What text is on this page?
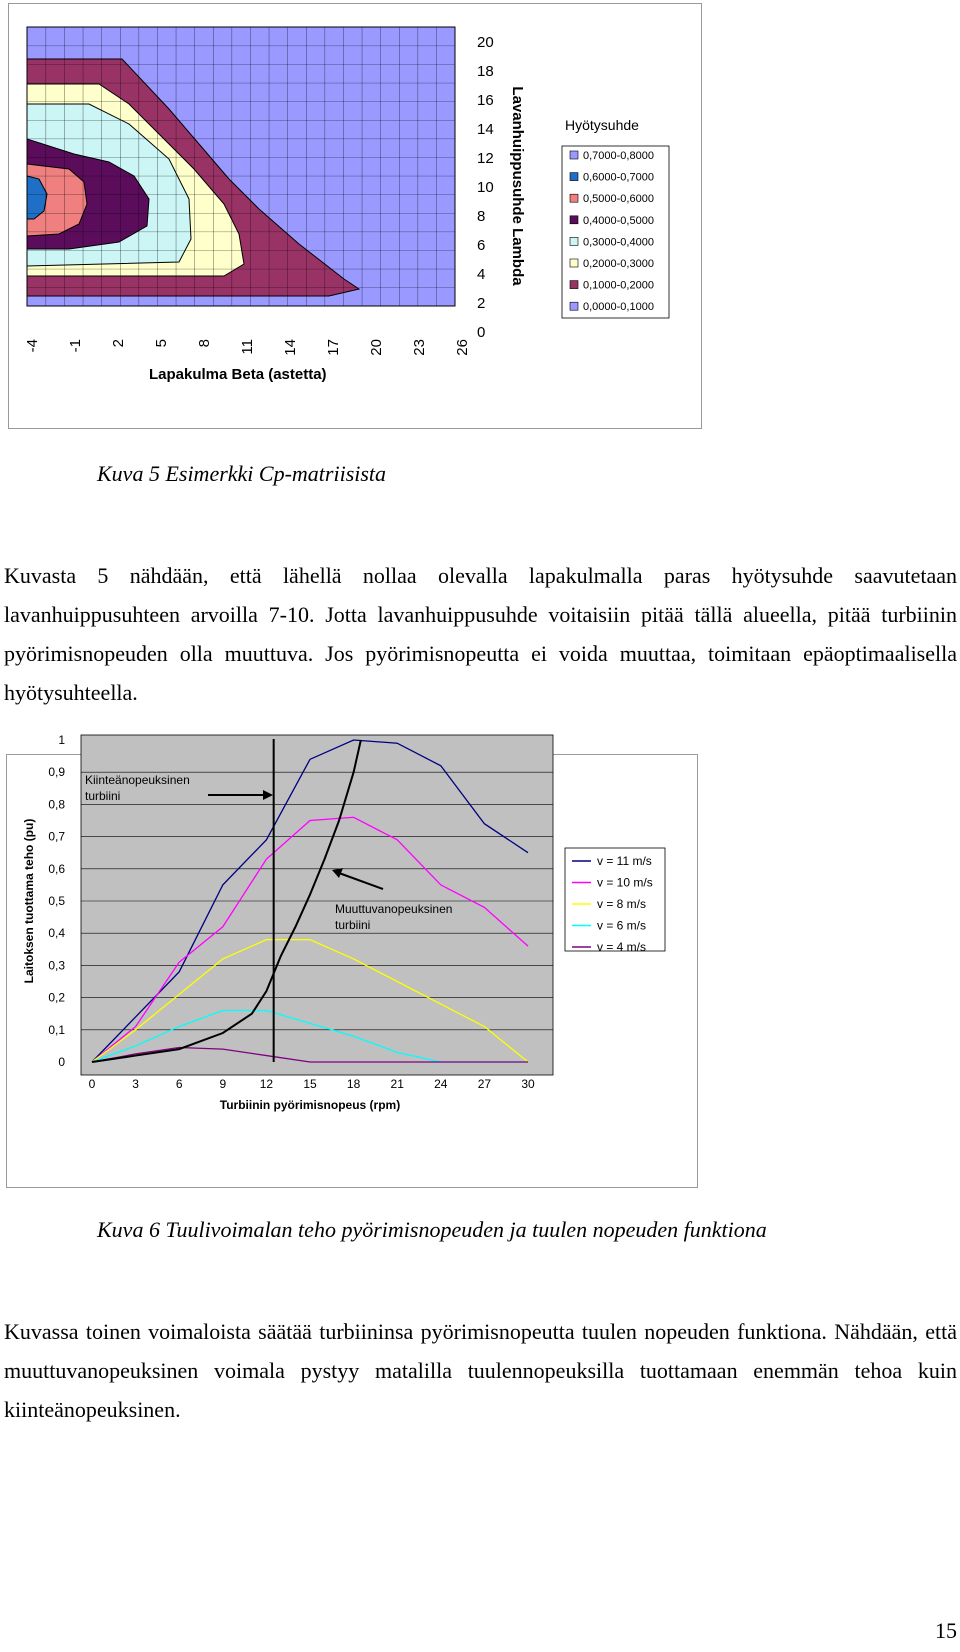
20
18
16
14
12
10
8
6
4
2
0
-4 -1 2 5 8 11 14 17 20 23 26
Lavanhuippusuhde Lambda
Lapakulma Beta (astetta)
Hyötysuhde
0,7000-0,8000
0,6000-0,7000
0,5000-0,6000
0,4000-0,5000
0,3000-0,4000
0,2000-0,3000
0,1000-0,2000
0,0000-0,1000
Kuva 5 Esimerkki Cp-matriisista
Kuvasta 5 nähdään, että lähellä nollaa olevalla lapakulmalla paras hyötysuhde saavutetaan lavanhuippusuhteen arvoilla 7-10. Jotta lavanhuippusuhde voitaisiin pitää tällä alueella, pitää turbiinin pyörimisnopeuden olla muuttuva. Jos pyörimisnopeutta ei voida muuttaa, toimitaan epäoptimaalisella hyötysuhteella.
1
0,9
0,8
0,7
0,6
0,5
0,4
0,3
0,2
0,1
0
0	3	6	9	12	15	18	21	24	27	30
Kiinteänopeuksinen turbiini
Muuttuvanopeuksinen turbiini
Laitoksen tuottama teho (pu)
Turbiinin pyörimisnopeus (rpm)
v = 11 m/s
v = 10 m/s
v = 8 m/s
v = 6 m/s
v = 4 m/s
Kuva 6 Tuulivoimalan teho pyörimisnopeuden ja tuulen nopeuden funktiona
Kuvassa toinen voimaloista säätää turbiininsa pyörimisnopeutta tuulen nopeuden funktiona. Nähdään, että muuttuvanopeuksinen voimala pystyy matalilla tuulennopeuksilla tuottamaan enemmän tehoa kuin kiinteänopeuksinen.
15
